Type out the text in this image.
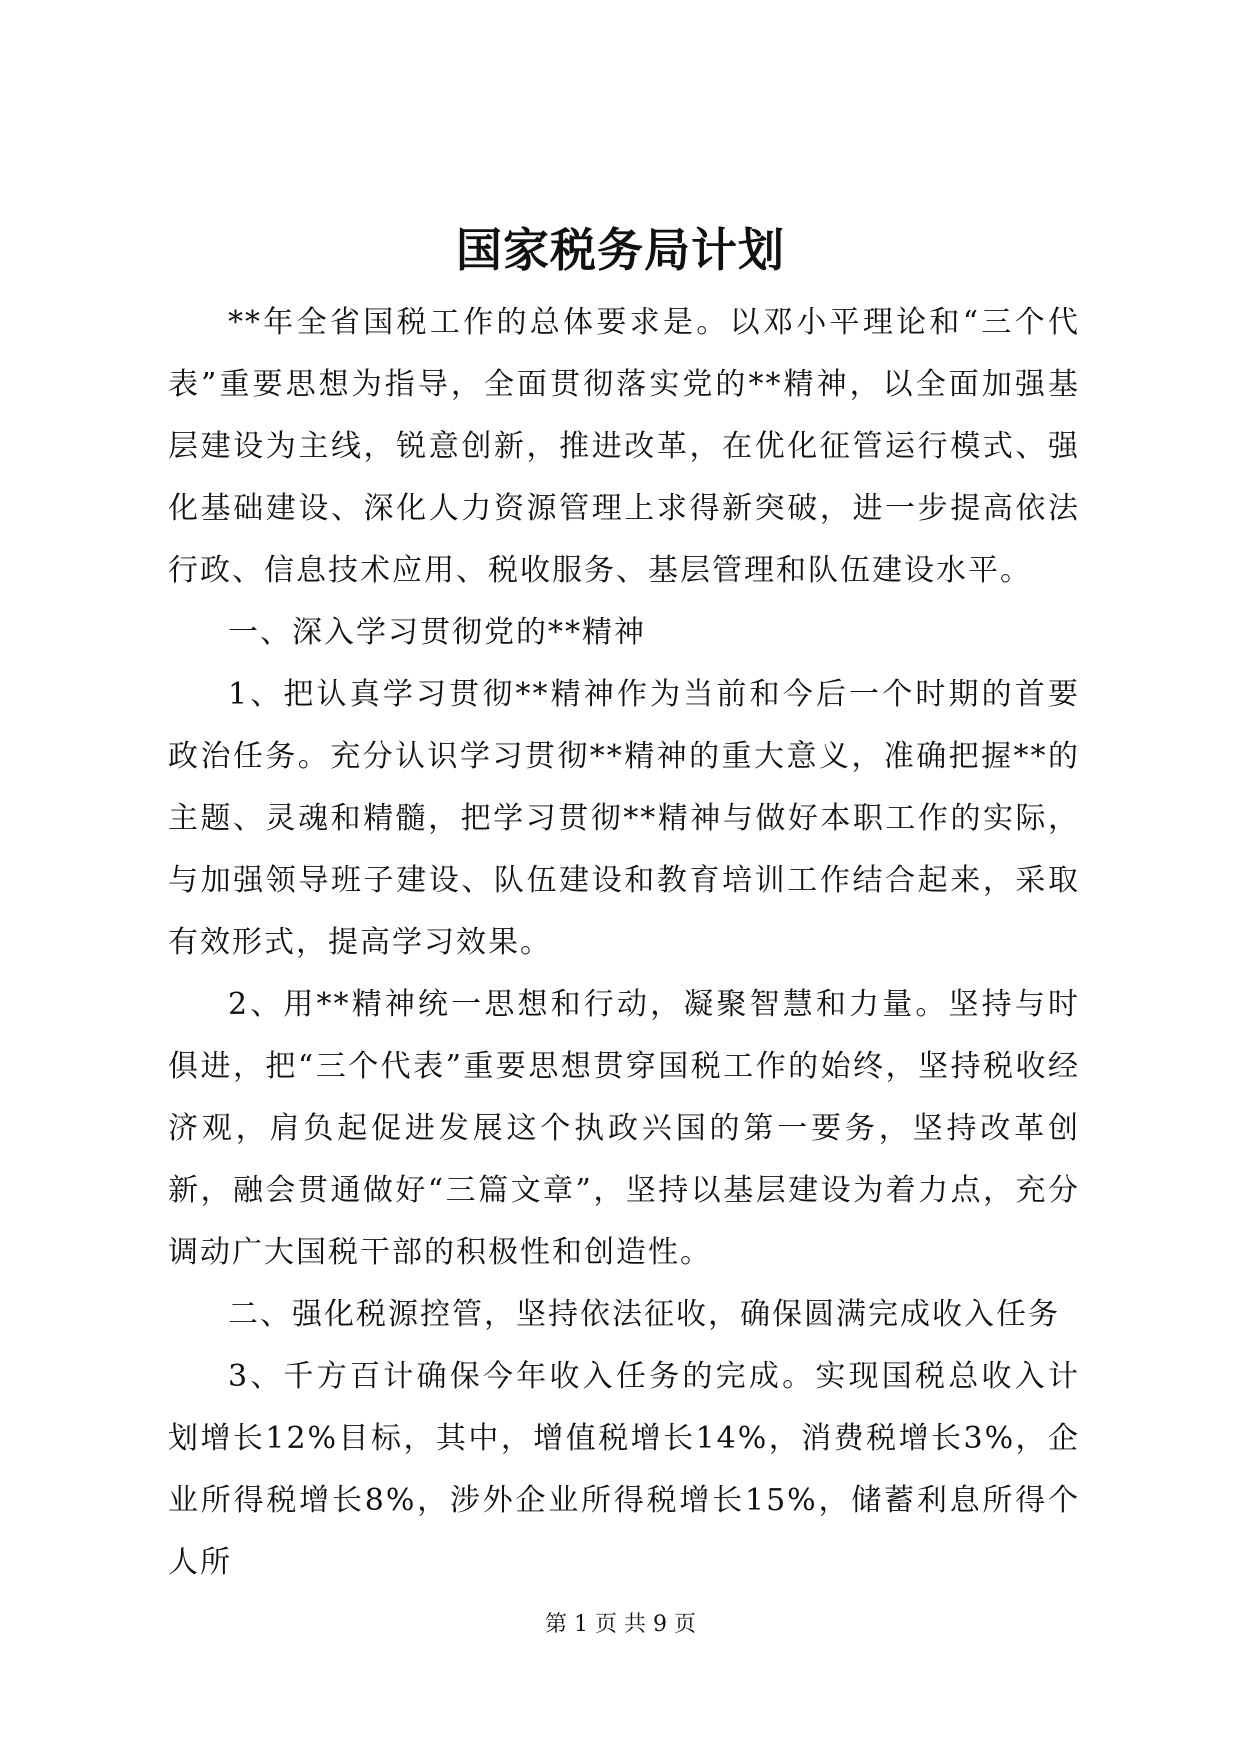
国家税务局计划

**年全省国税工作的总体要求是。以邓小平理论和“三个代表”重要思想为指导，全面贯彻落实党的**精神，以全面加强基层建设为主线，锐意创新，推进改革，在优化征管运行模式、强化基础建设、深化人力资源管理上求得新突破，进一步提高依法行政、信息技术应用、税收服务、基层管理和队伍建设水平。

一、深入学习贯彻党的**精神

1、把认真学习贯彻**精神作为当前和今后一个时期的首要政治任务。充分认识学习贯彻**精神的重大意义，准确把握**的主题、灵魂和精髓，把学习贯彻**精神与做好本职工作的实际，与加强领导班子建设、队伍建设和教育培训工作结合起来，采取有效形式，提高学习效果。

2、用**精神统一思想和行动，凝聚智慧和力量。坚持与时俱进，把“三个代表”重要思想贯穿国税工作的始终，坚持税收经济观，肩负起促进发展这个执政兴国的第一要务，坚持改革创新，融会贯通做好“三篇文章”，坚持以基层建设为着力点，充分调动广大国税干部的积极性和创造性。

二、强化税源控管，坚持依法征收，确保圆满完成收入任务

3、千方百计确保今年收入任务的完成。实现国税总收入计划增长12%目标，其中，增值税增长14%，消费税增长3%，企业所得税增长8%，涉外企业所得税增长15%，储蓄利息所得个人所

第 1 页 共 9 页
